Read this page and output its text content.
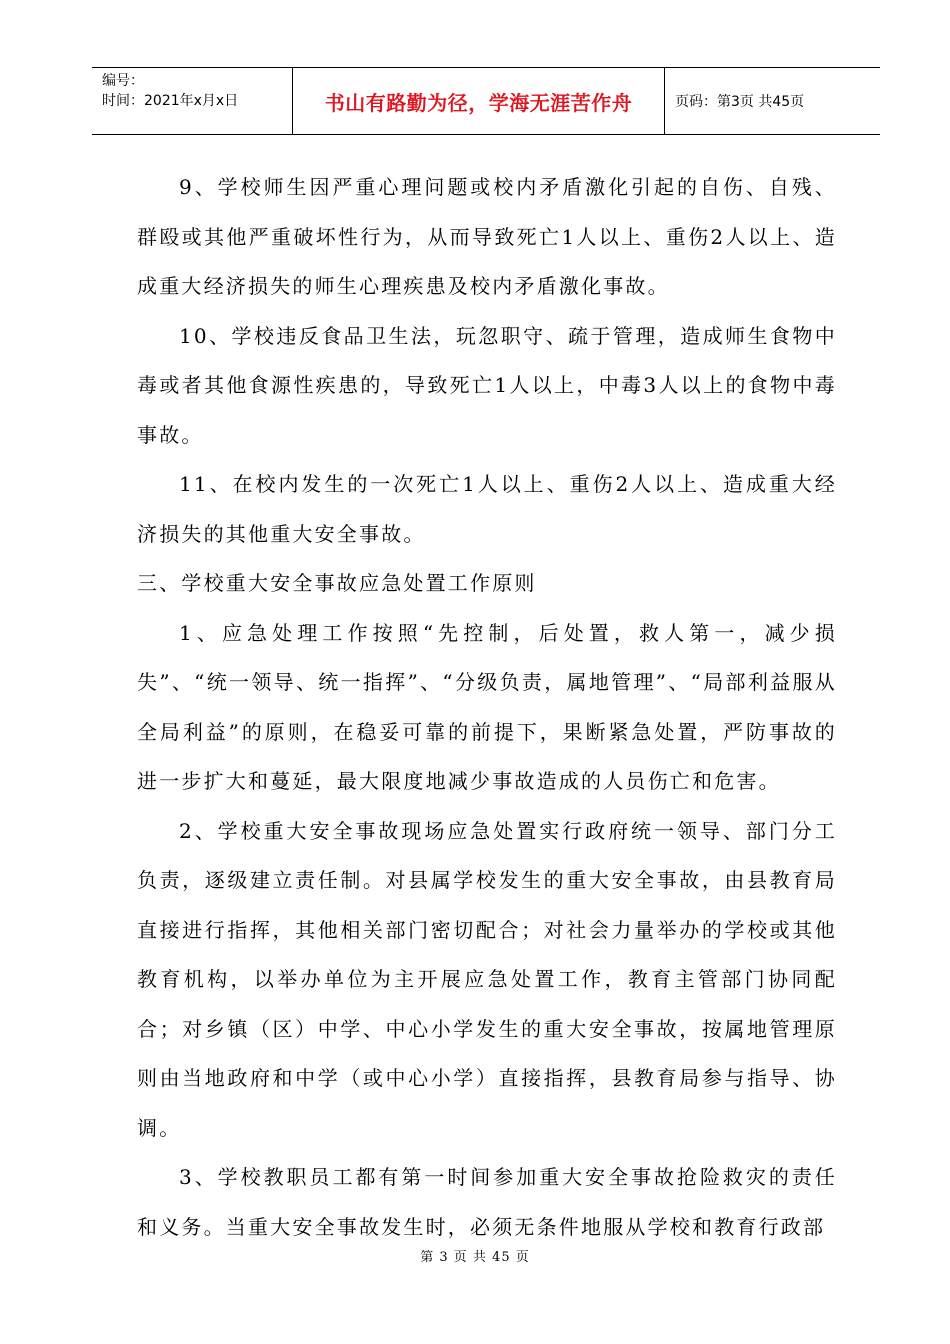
编号：
时间：2021年x月x日	书山有路勤为径，学海无涯苦作舟	页码：第3页 共45页

9、学校师生因严重心理问题或校内矛盾激化引起的自伤、自残、群殴或其他严重破坏性行为，从而导致死亡1人以上、重伤2人以上、造成重大经济损失的师生心理疾患及校内矛盾激化事故。

10、学校违反食品卫生法，玩忽职守、疏于管理，造成师生食物中毒或者其他食源性疾患的，导致死亡1人以上，中毒3人以上的食物中毒事故。

11、在校内发生的一次死亡1人以上、重伤2人以上、造成重大经济损失的其他重大安全事故。

三、学校重大安全事故应急处置工作原则

1、应急处理工作按照“先控制，后处置，救人第一，减少损失”、“统一领导、统一指挥”、“分级负责，属地管理”、“局部利益服从全局利益”的原则，在稳妥可靠的前提下，果断紧急处置，严防事故的进一步扩大和蔓延，最大限度地减少事故造成的人员伤亡和危害。

2、学校重大安全事故现场应急处置实行政府统一领导、部门分工负责，逐级建立责任制。对县属学校发生的重大安全事故，由县教育局直接进行指挥，其他相关部门密切配合；对社会力量举办的学校或其他教育机构，以举办单位为主开展应急处置工作，教育主管部门协同配合；对乡镇（区）中学、中心小学发生的重大安全事故，按属地管理原则由当地政府和中学（或中心小学）直接指挥，县教育局参与指导、协调。

3、学校教职员工都有第一时间参加重大安全事故抢险救灾的责任和义务。当重大安全事故发生时，必须无条件地服从学校和教育行政部

第 3 页 共 45 页
